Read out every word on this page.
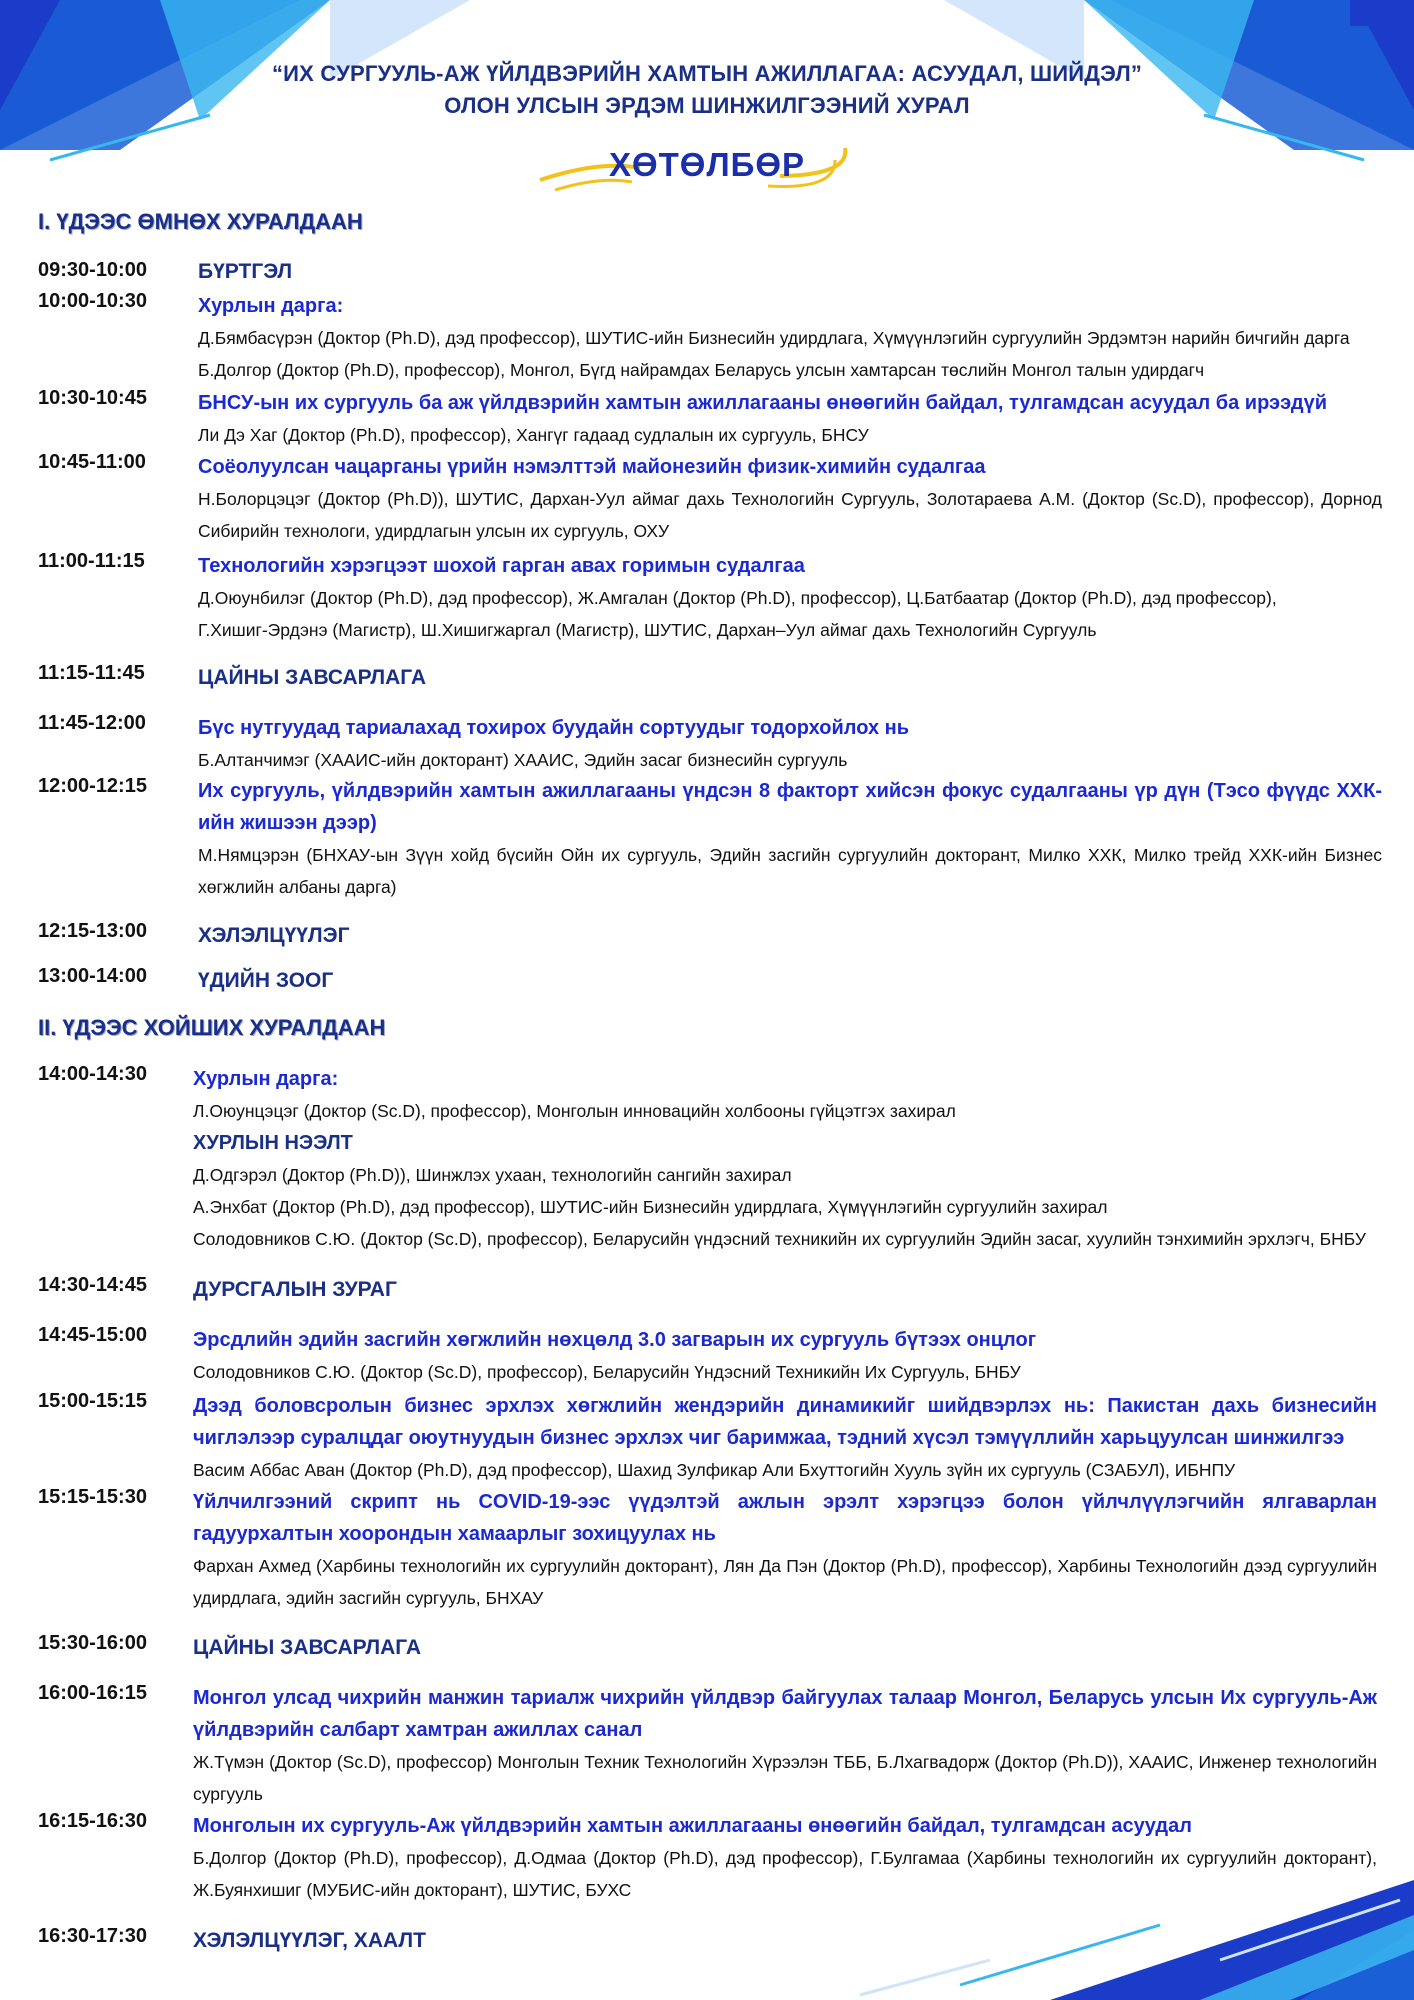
“ИХ СУРГУУЛЬ-АЖ ҮЙЛДВЭРИЙН ХАМТЫН АЖИЛЛАГАА: АСУУДАЛ, ШИЙДЭЛ”
ОЛОН УЛСЫН ЭРДЭМ ШИНЖИЛГЭЭНИЙ ХУРАЛ
ХӨТӨЛБӨР
I. ҮДЭЭС ӨМНӨХ ХУРАЛДААН
09:30-10:00 БҮРТГЭЛ
10:00-10:30	Хурлын дарга:
Д.Бямбасүрэн (Доктор (Ph.D), дэд профессор), ШУТИС-ийн Бизнесийн удирдлага, Хүмүүнлэгийн сургуулийн Эрдэмтэн нарийн бичгийн дарга
Б.Долгор (Доктор (Ph.D), профессор), Монгол, Бүгд найрамдах Беларусь улсын хамтарсан төслийн Монгол талын удирдагч
10:30-10:45	БНСУ-ын их сургууль ба аж үйлдвэрийн хамтын ажиллагааны өнөөгийн байдал, тулгамдсан асуудал ба ирээдүй
Ли Дэ Хаг (Доктор (Ph.D), профессор), Хангүг гадаад судлалын их сургууль, БНСУ
10:45-11:00	Соёолуулсан чацарганы үрийн нэмэлттэй майонезийн физик-химийн судалгаа
Н.Болорцэцэг (Доктор (Ph.D)), ШУТИС, Дархан-Уул аймаг дахь Технологийн Сургууль, Золотараева А.М. (Доктор (Sc.D), профессор), Дорнод Сибирийн технологи, удирдлагын улсын их сургууль, ОХУ
11:00-11:15	Технологийн хэрэгцээт шохой гарган авах горимын судалгаа
Д.Оюунбилэг (Доктор (Ph.D), дэд профессор), Ж.Амгалан (Доктор (Ph.D), профессор), Ц.Батбаатар (Доктор (Ph.D), дэд профессор),
Г.Хишиг-Эрдэнэ (Магистр), Ш.Хишигжаргал (Магистр), ШУТИС, Дархан–Уул аймаг дахь Технологийн Сургууль
11:15-11:45	ЦАЙНЫ ЗАВСАРЛАГА
11:45-12:00	Бүс нутгуудад тариалахад тохирох буудайн сортуудыг тодорхойлох нь
Б.Алтанчимэг (ХААИС-ийн докторант) ХААИС, Эдийн засаг бизнесийн сургууль
12:00-12:15	Их сургууль, үйлдвэрийн хамтын ажиллагааны үндсэн 8 факторт хийсэн фокус судалгааны үр дүн (Тэсо фүүдс ХХК-ийн жишээн дээр)
М.Нямцэрэн (БНХАУ-ын Зүүн хойд бүсийн Ойн их сургууль, Эдийн засгийн сургуулийн докторант, Милко ХХК, Милко трейд ХХК-ийн Бизнес хөгжлийн албаны дарга)
12:15-13:00 ХЭЛЭЛЦҮҮЛЭГ
13:00-14:00 ҮДИЙН ЗООГ
II. ҮДЭЭС ХОЙШИХ ХУРАЛДААН
14:00-14:30 Хурлын дарга:
Л.Оюунцэцэг (Доктор (Sc.D), профессор), Монголын инновацийн холбооны гүйцэтгэх захирал
ХУРЛЫН НЭЭЛТ
Д.Одгэрэл (Доктор (Ph.D)), Шинжлэх ухаан, технологийн сангийн захирал
А.Энхбат (Доктор (Ph.D), дэд профессор), ШУТИС-ийн Бизнесийн удирдлага, Хүмүүнлэгийн сургуулийн захирал
Солодовников С.Ю. (Доктор (Sc.D), профессор), Беларусийн үндэсний техникийн их сургуулийн Эдийн засаг, хуулийн тэнхимийн эрхлэгч, БНБУ
14:30-14:45 ДУРСГАЛЫН ЗУРАГ
14:45-15:00 Эрсдлийн эдийн засгийн хөгжлийн нөхцөлд 3.0 загварын их сургууль бүтээх онцлог
Солодовников С.Ю. (Доктор (Sc.D), профессор), Беларусийн Үндэсний Техникийн Их Сургууль, БНБУ
15:00-15:15 Дээд боловсролын бизнес эрхлэх хөгжлийн жендэрийн динамикийг шийдвэрлэх нь: Пакистан дахь бизнесийн чиглэлээр суралцдаг оюутнуудын бизнес эрхлэх чиг баримжаа, тэдний хүсэл тэмүүллийн харьцуулсан шинжилгээ
Васим Аббас Аван (Доктор (Ph.D), дэд профессор), Шахид Зулфикар Али Бхуттогийн Хууль зүйн их сургууль (СЗАБУЛ), ИБНПУ
15:15-15:30 Үйлчилгээний скрипт нь COVID-19-ээс үүдэлтэй ажлын эрэлт хэрэгцээ болон үйлчлүүлэгчийн ялгаварлан гадуурхалтын хоорондын хамаарлыг зохицуулах нь
Фархан Ахмед (Харбины технологийн их сургуулийн докторант), Лян Да Пэн (Доктор (Ph.D), профессор), Харбины Технологийн дээд сургуулийн удирдлага, эдийн засгийн сургууль, БНХАУ
15:30-16:00 ЦАЙНЫ ЗАВСАРЛАГА
16:00-16:15 Монгол улсад чихрийн манжин тариалж чихрийн үйлдвэр байгуулах талаар Монгол, Беларусь улсын Их сургууль-Аж үйлдвэрийн салбарт хамтран ажиллах санал
Ж.Түмэн (Доктор (Sc.D), профессор) Монголын Техник Технологийн Хүрээлэн ТББ, Б.Лхагвадорж (Доктор (Ph.D)), ХААИС, Инженер технологийн сургууль
16:15-16:30 Монголын их сургууль-Аж үйлдвэрийн хамтын ажиллагааны өнөөгийн байдал, тулгамдсан асуудал
Б.Долгор (Доктор (Ph.D), профессор), Д.Одмаа (Доктор (Ph.D), дэд профессор), Г.Булгамаа (Харбины технологийн их сургуулийн докторант), Ж.Буянхишиг (МУБИС-ийн докторант), ШУТИС, БУХС
16:30-17:30 ХЭЛЭЛЦҮҮЛЭГ, ХААЛТ
